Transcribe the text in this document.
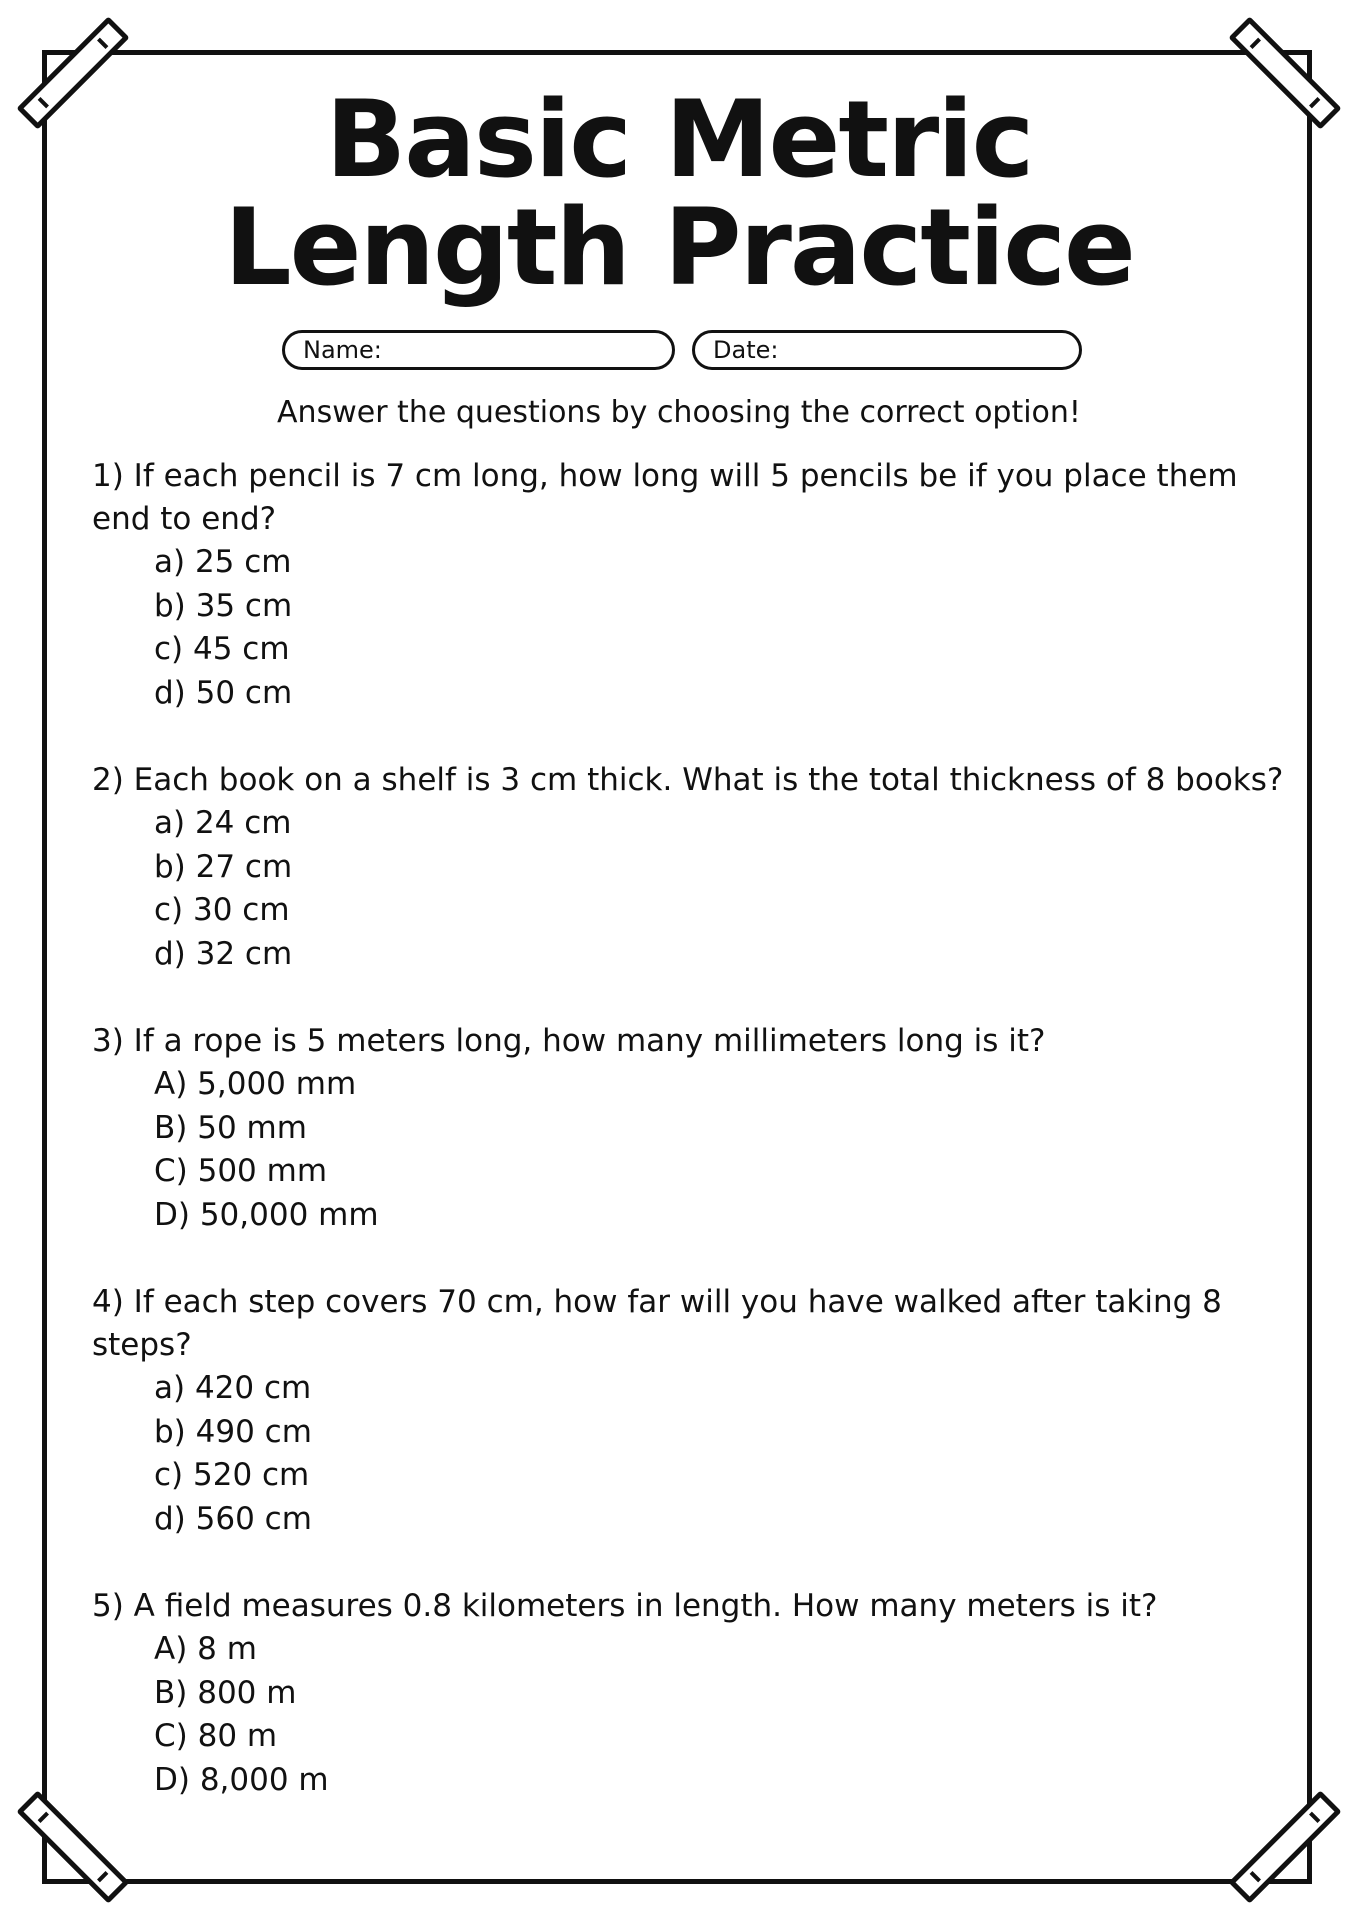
Basic Metric
Length Practice
Name:	Date:
Answer the questions by choosing the correct option!

1) If each pencil is 7 cm long, how long will 5 pencils be if you place them end to end?

a) 25 cm
b) 35 cm
c) 45 cm
d) 50 cm

2) Each book on a shelf is 3 cm thick. What is the total thickness of 8 books?

a) 24 cm
b) 27 cm
c) 30 cm
d) 32 cm

3) If a rope is 5 meters long, how many millimeters long is it?

A) 5,000 mm
B) 50 mm
C) 500 mm
D) 50,000 mm

4) If each step covers 70 cm, how far will you have walked after taking 8 steps?

a) 420 cm
b) 490 cm
c) 520 cm
d) 560 cm

5) A field measures 0.8 kilometers in length. How many meters is it?

A) 8 m
B) 800 m
C) 80 m
D) 8,000 m
